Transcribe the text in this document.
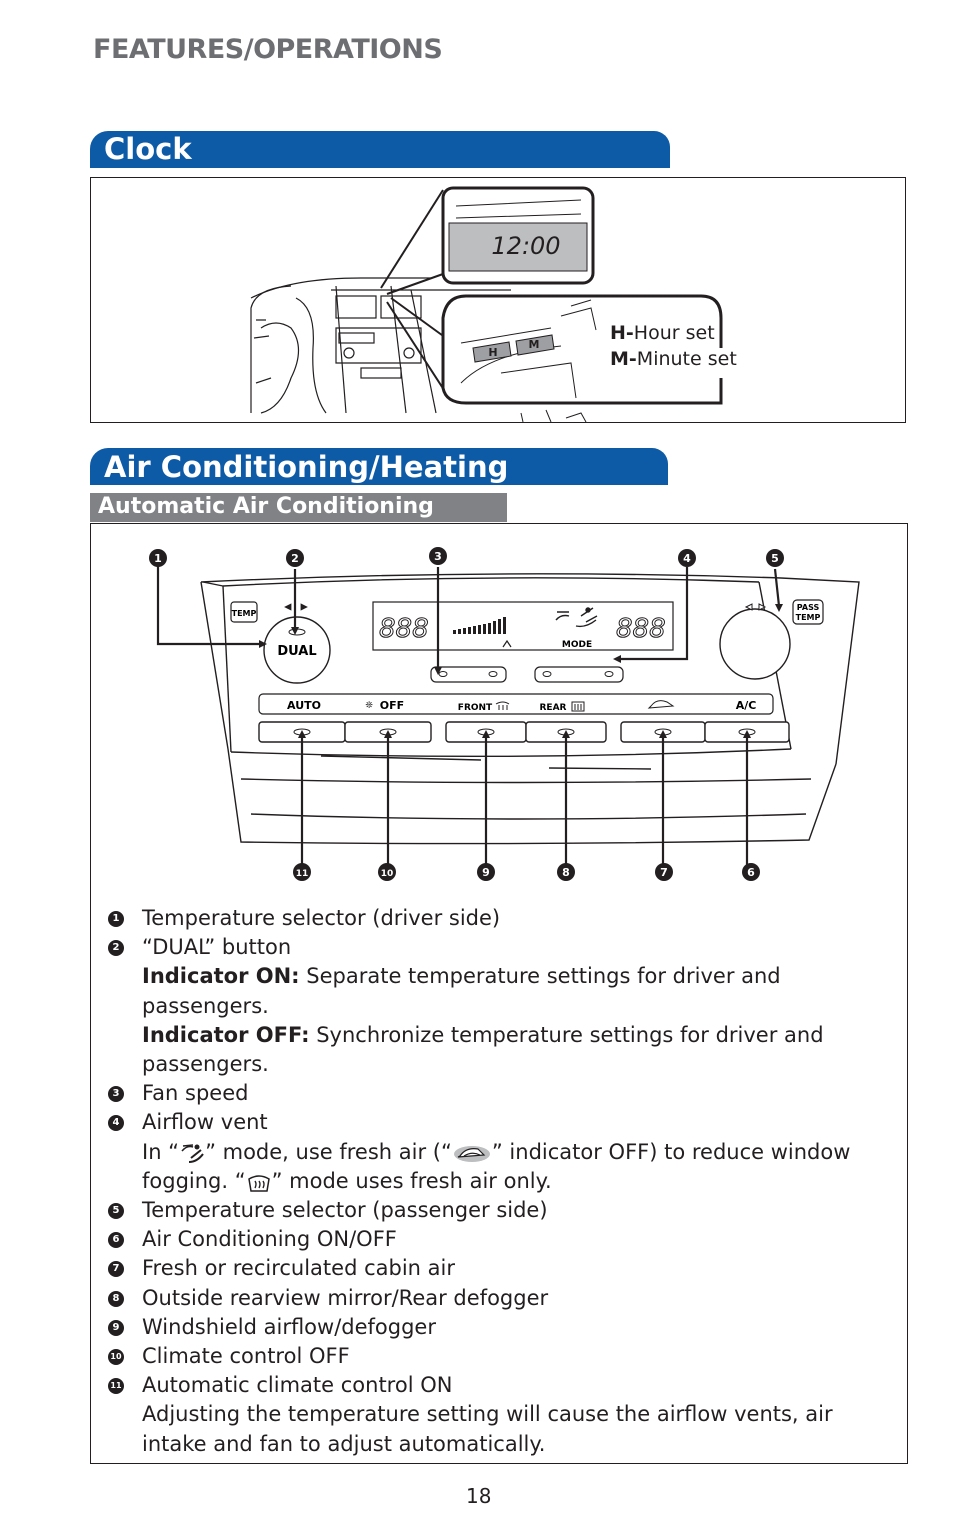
FEATURES/OPERATIONS
Clock
12:00
H
M
H-Hour set
M-Minute set
Air Conditioning/Heating
Automatic Air Conditioning
TEMP
DUAL
888	888
MODE
PASS
TEMP
AUTO	OFF
❊	FRONT	REAR	A/C
1	2	3	4	5
6
7
8
9
10
11
1 Temperature selector (driver side)
2 “DUAL” button
Indicator ON: Separate temperature settings for driver and passengers.
Indicator OFF: Synchronize temperature settings for driver and passengers.
3 Fan speed
4 Airflow vent
In “ ” mode, use fresh air (“ ” indicator OFF) to reduce window fogging. “ ” mode uses fresh air only.
5 Temperature selector (passenger side)
6 Air Conditioning ON/OFF
7 Fresh or recirculated cabin air
8 Outside rearview mirror/Rear defogger
9 Windshield airflow/defogger
10 Climate control OFF
11 Automatic climate control ON
Adjusting the temperature setting will cause the airflow vents, air intake and fan to adjust automatically.
18
